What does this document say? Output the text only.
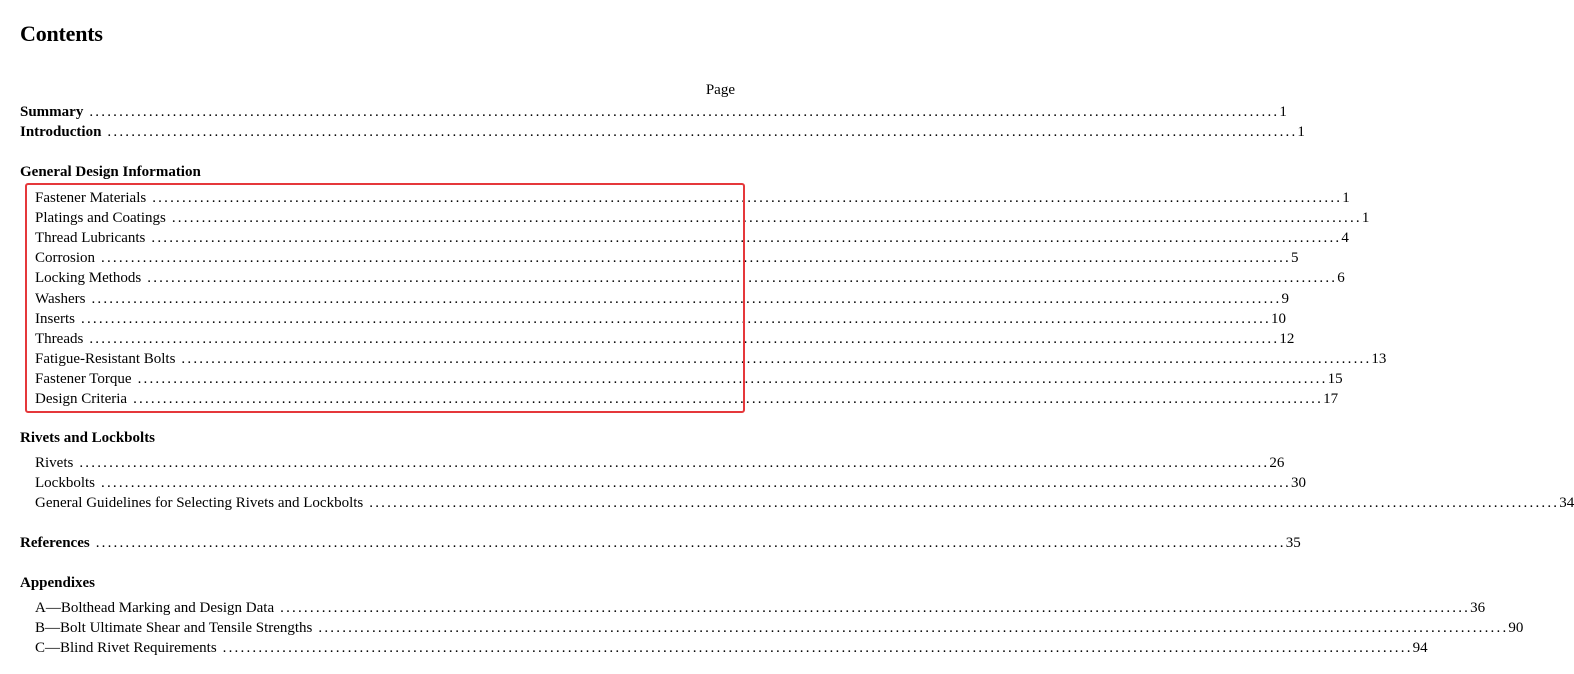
Contents
Page
Summary ........................................................................................................................................................................................................ 1
Introduction ........................................................................................................................................................................................................ 1
General Design Information
Fastener Materials ........................................................................................................................................................................................................ 1
Platings and Coatings ........................................................................................................................................................................................................ 1
Thread Lubricants ........................................................................................................................................................................................................ 4
Corrosion ........................................................................................................................................................................................................ 5
Locking Methods ........................................................................................................................................................................................................ 6
Washers ........................................................................................................................................................................................................ 9
Inserts ........................................................................................................................................................................................................ 10
Threads ........................................................................................................................................................................................................ 12
Fatigue-Resistant Bolts ........................................................................................................................................................................................................ 13
Fastener Torque ........................................................................................................................................................................................................ 15
Design Criteria ........................................................................................................................................................................................................ 17
Rivets and Lockbolts
Rivets ........................................................................................................................................................................................................ 26
Lockbolts ........................................................................................................................................................................................................ 30
General Guidelines for Selecting Rivets and Lockbolts ........................................................................................................................................................................................................ 34
References ........................................................................................................................................................................................................ 35
Appendixes
A—Bolthead Marking and Design Data ........................................................................................................................................................................................................ 36
B—Bolt Ultimate Shear and Tensile Strengths ........................................................................................................................................................................................................ 90
C—Blind Rivet Requirements ........................................................................................................................................................................................................ 94
